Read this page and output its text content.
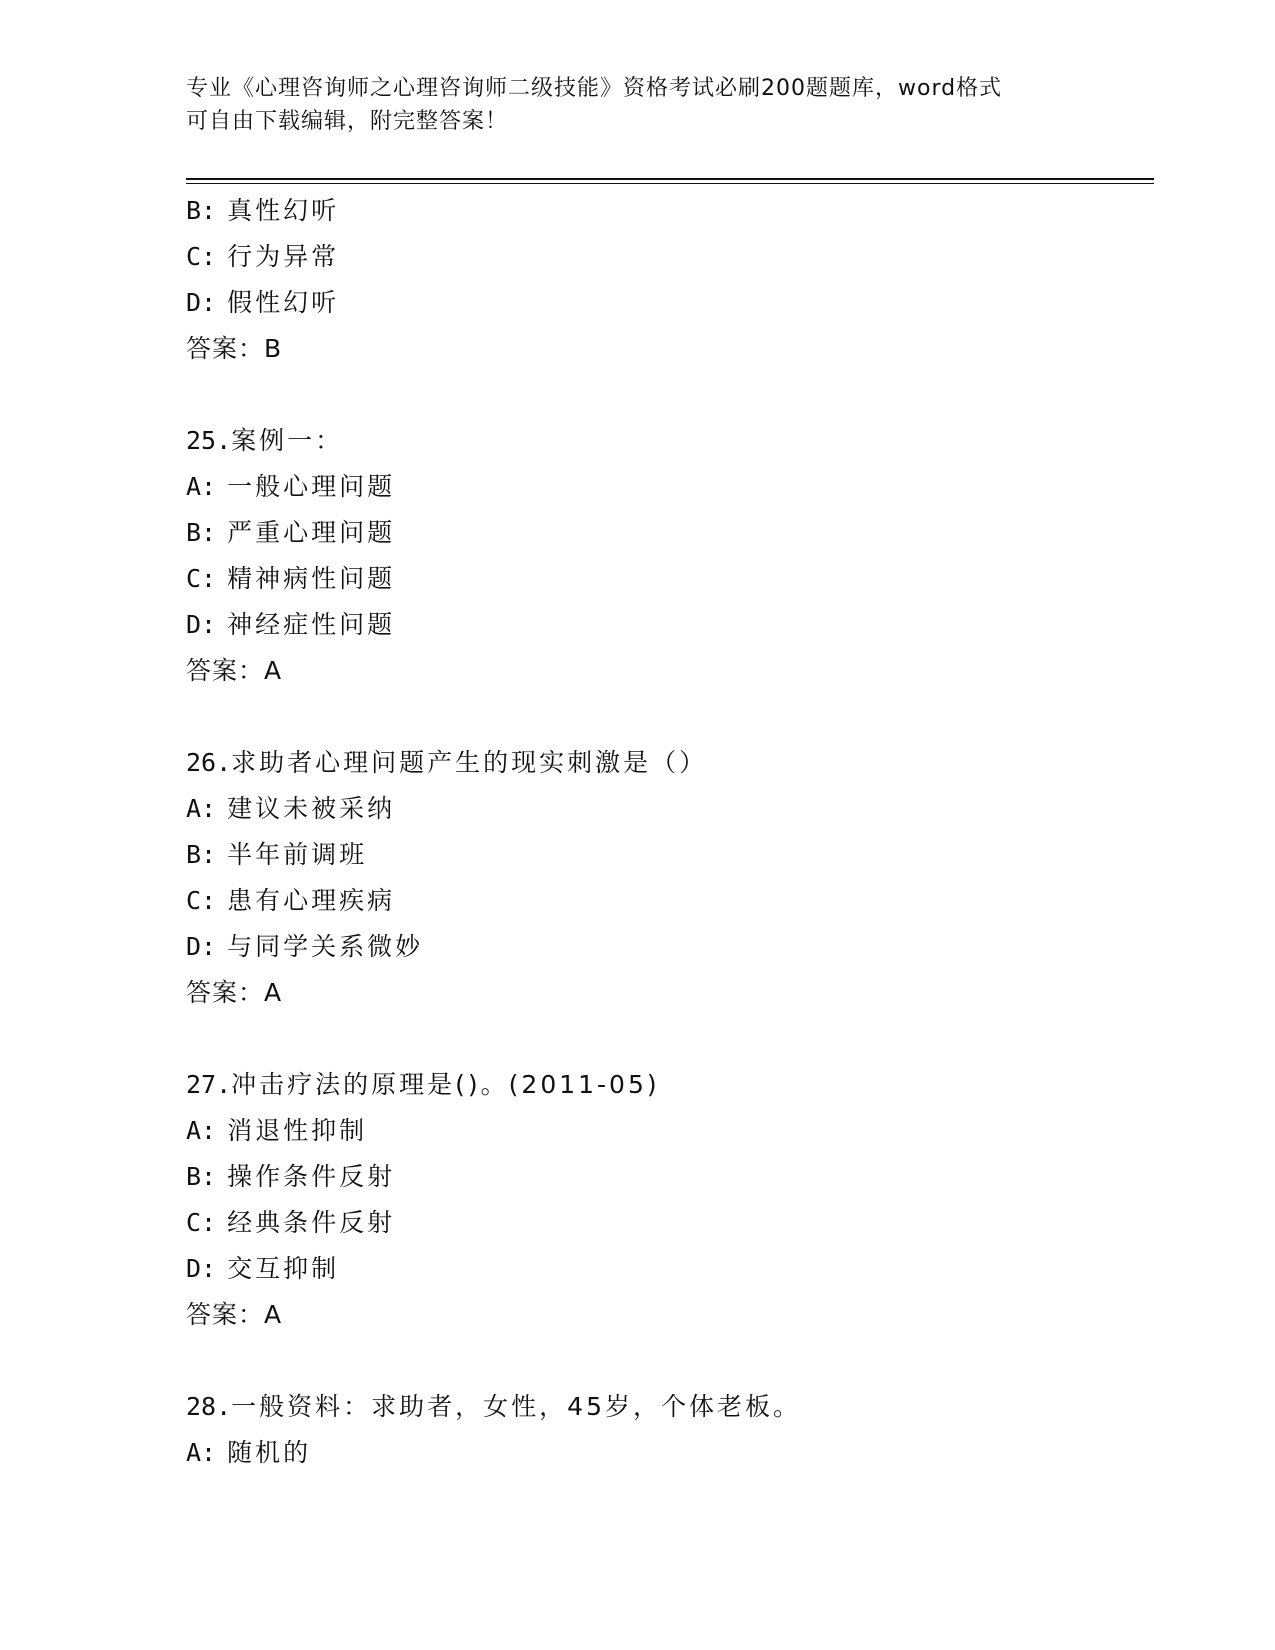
专业《心理咨询师之心理咨询师二级技能》资格考试必刷200题题库，word格式
可自由下载编辑，附完整答案！
B: 真性幻听
C: 行为异常
D: 假性幻听
答案：B
25.案例一：
A: 一般心理问题
B: 严重心理问题
C: 精神病性问题
D: 神经症性问题
答案：A
26.求助者心理问题产生的现实刺激是（）
A: 建议未被采纳
B: 半年前调班
C: 患有心理疾病
D: 与同学关系微妙
答案：A
27.冲击疗法的原理是()。(2011-05)
A: 消退性抑制
B: 操作条件反射
C: 经典条件反射
D: 交互抑制
答案：A
28.一般资料：求助者，女性，45岁，个体老板。
A: 随机的
